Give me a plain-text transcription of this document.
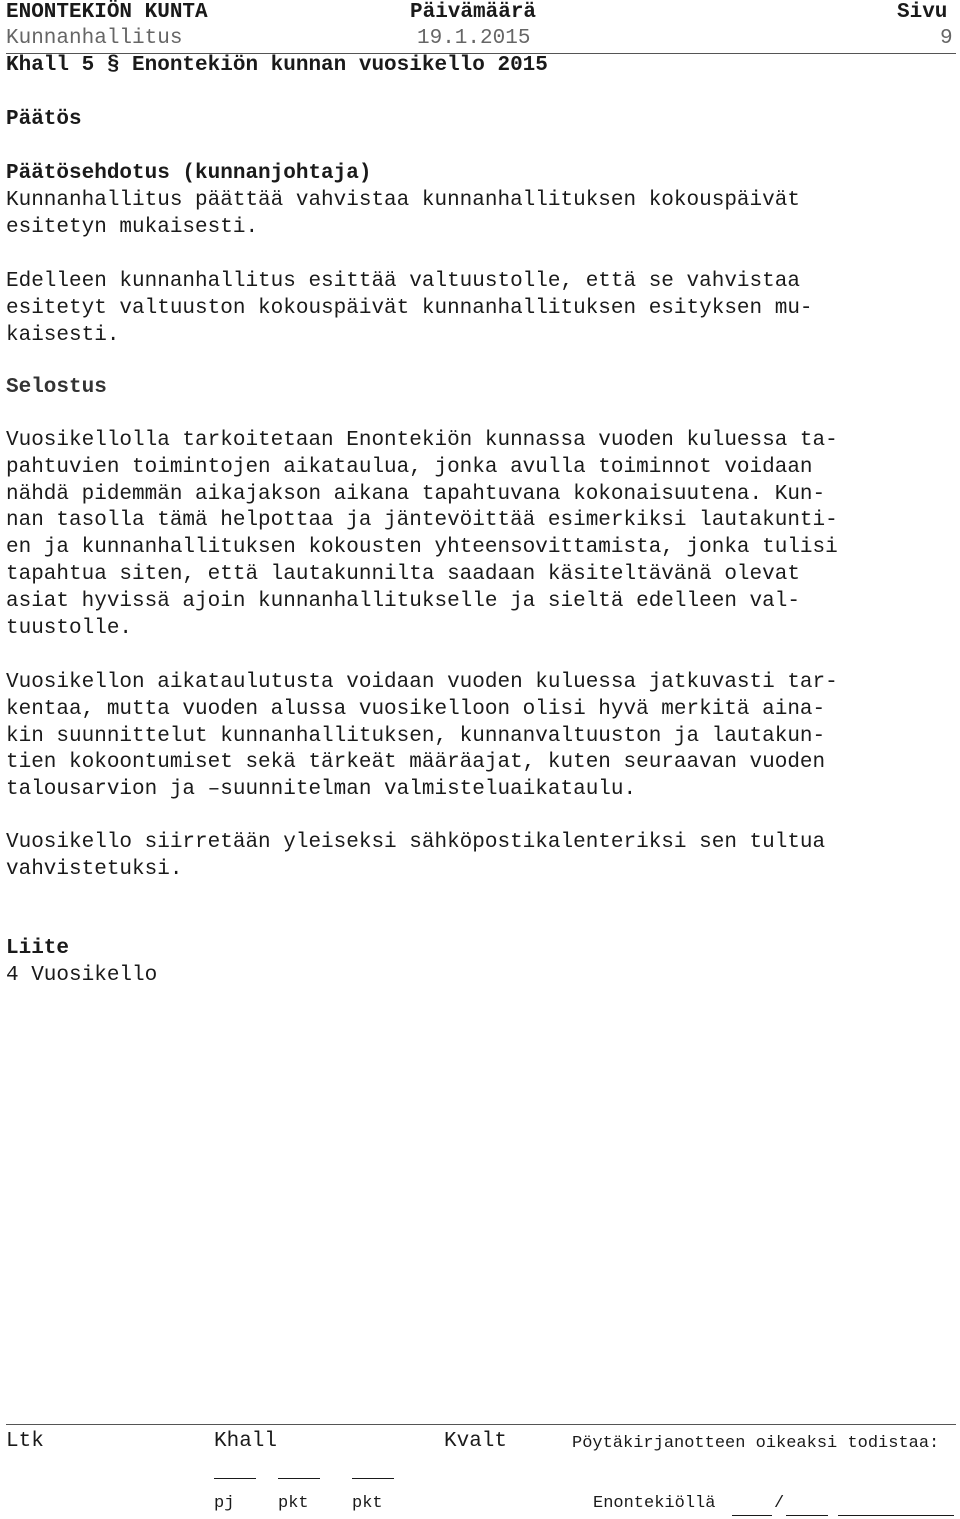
ENONTEKIÖN KUNTA	Päivämäärä	Sivu
Kunnanhallitus	19.1.2015	9
Khall 5 § Enontekiön kunnan vuosikello 2015
Päätös
Päätösehdotus (kunnanjohtaja)
Kunnanhallitus päättää vahvistaa kunnanhallituksen kokouspäivät
esitetyn mukaisesti.
Edelleen kunnanhallitus esittää valtuustolle, että se vahvistaa
esitetyt valtuuston kokouspäivät kunnanhallituksen esityksen mu-
kaisesti.
Selostus
Vuosikellolla tarkoitetaan Enontekiön kunnassa vuoden kuluessa ta-
pahtuvien toimintojen aikataulua, jonka avulla toiminnot voidaan
nähdä pidemmän aikajakson aikana tapahtuvana kokonaisuutena. Kun-
nan tasolla tämä helpottaa ja jäntevöittää esimerkiksi lautakunti-
en ja kunnanhallituksen kokousten yhteensovittamista, jonka tulisi
tapahtua siten, että lautakunnilta saadaan käsiteltävänä olevat
asiat hyvissä ajoin kunnanhallitukselle ja sieltä edelleen val-
tuustolle.
Vuosikellon aikataulutusta voidaan vuoden kuluessa jatkuvasti tar-
kentaa, mutta vuoden alussa vuosikelloon olisi hyvä merkitä aina-
kin suunnittelut kunnanhallituksen, kunnanvaltuuston ja lautakun-
tien kokoontumiset sekä tärkeät määräajat, kuten seuraavan vuoden
talousarvion ja –suunnitelman valmisteluaikataulu.
Vuosikello siirretään yleiseksi sähköpostikalenteriksi sen tultua
vahvistetuksi.
Liite
4 Vuosikello
Ltk	Khall	Kvalt	Pöytäkirjanotteen oikeaksi todistaa:
pj	pkt	pkt	Enontekiöllä	/
